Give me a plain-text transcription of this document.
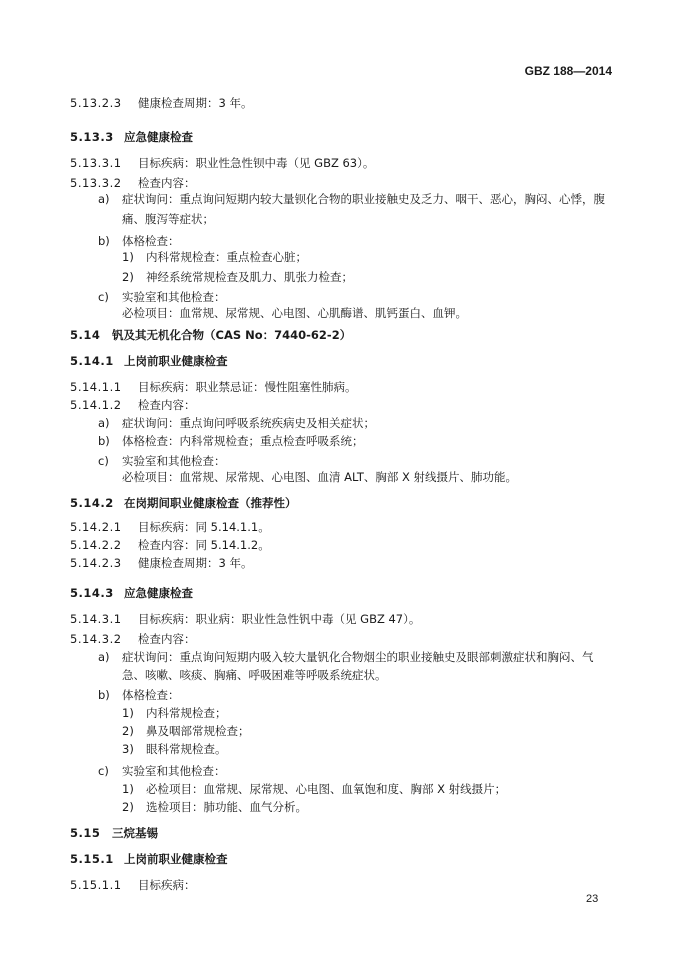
GBZ 188—2014
5.13.2.3 健康检查周期：3 年。
5.13.3 应急健康检查
5.13.3.1 目标疾病：职业性急性钡中毒（见 GBZ 63）。
5.13.3.2 检查内容：
a) 症状询问：重点询问短期内较大量钡化合物的职业接触史及乏力、咽干、恶心，胸闷、心悸，腹
痛、腹泻等症状；
b) 体格检查：
1) 内科常规检查：重点检查心脏；
2) 神经系统常规检查及肌力、肌张力检查；
c) 实验室和其他检查：
必检项目：血常规、尿常规、心电图、心肌酶谱、肌钙蛋白、血钾。
5.14 钒及其无机化合物（CAS No：7440-62-2）
5.14.1 上岗前职业健康检查
5.14.1.1 目标疾病：职业禁忌证：慢性阻塞性肺病。
5.14.1.2 检查内容：
a) 症状询问：重点询问呼吸系统疾病史及相关症状；
b) 体格检查：内科常规检查；重点检查呼吸系统；
c) 实验室和其他检查：
必检项目：血常规、尿常规、心电图、血清 ALT、胸部 X 射线摄片、肺功能。
5.14.2 在岗期间职业健康检查（推荐性）
5.14.2.1 目标疾病：同 5.14.1.1。
5.14.2.2 检查内容：同 5.14.1.2。
5.14.2.3 健康检查周期：3 年。
5.14.3 应急健康检查
5.14.3.1 目标疾病：职业病：职业性急性钒中毒（见 GBZ 47）。
5.14.3.2 检查内容：
a) 症状询问：重点询问短期内吸入较大量钒化合物烟尘的职业接触史及眼部刺激症状和胸闷、气
急、咳嗽、咳痰、胸痛、呼吸困难等呼吸系统症状。
b) 体格检查：
1) 内科常规检查；
2) 鼻及咽部常规检查；
3) 眼科常规检查。
c) 实验室和其他检查：
1) 必检项目：血常规、尿常规、心电图、血氧饱和度、胸部 X 射线摄片；
2) 选检项目：肺功能、血气分析。
5.15 三烷基锡
5.15.1 上岗前职业健康检查
5.15.1.1 目标疾病：
23
